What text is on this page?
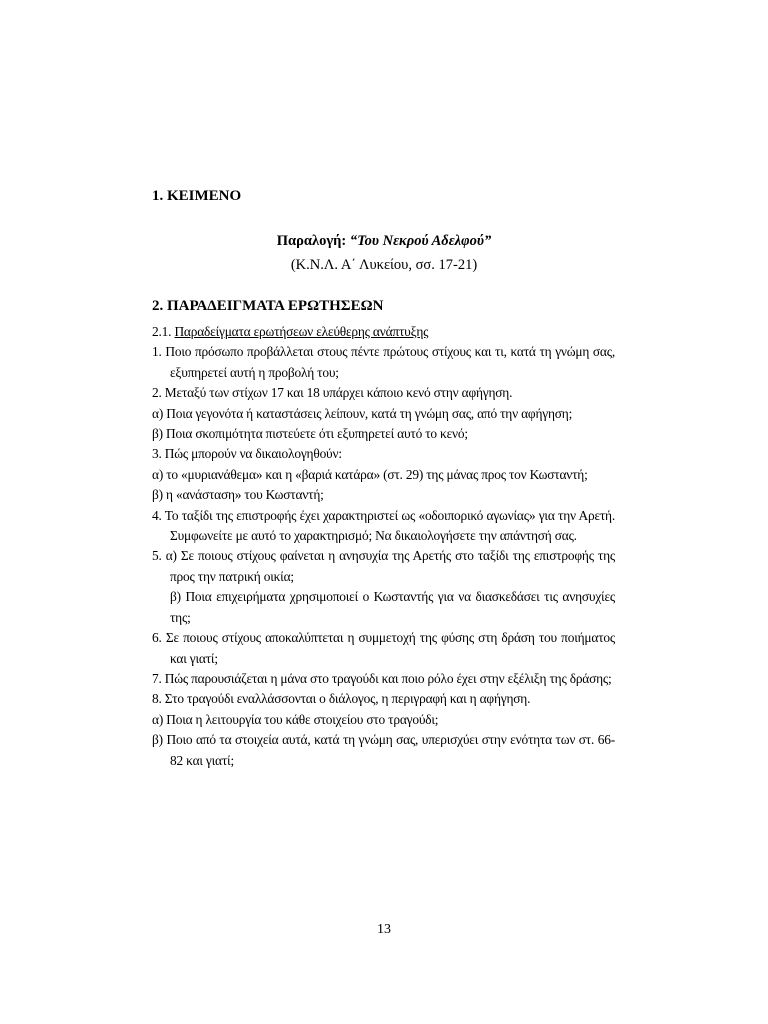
1. ΚΕΙΜΕΝΟ
Παραλογή: “Του Νεκρού Αδελφού”
(Κ.Ν.Λ. Α΄ Λυκείου, σσ. 17-21)
2. ΠΑΡΑΔΕΙΓΜΑΤΑ ΕΡΩΤΗΣΕΩΝ

2.1. Παραδείγματα ερωτήσεων ελεύθερης ανάπτυξης

1. Ποιο πρόσωπο προβάλλεται στους πέντε πρώτους στίχους και τι, κατά τη γνώμη σας, εξυπηρετεί αυτή η προβολή του;

2. Μεταξύ των στίχων 17 και 18 υπάρχει κάποιο κενό στην αφήγηση.

α) Ποια γεγονότα ή καταστάσεις λείπουν, κατά τη γνώμη σας, από την αφήγηση;

β) Ποια σκοπιμότητα πιστεύετε ότι εξυπηρετεί αυτό το κενό;

3. Πώς μπορούν να δικαιολογηθούν:

α) το «μυριανάθεμα» και η «βαριά κατάρα» (στ. 29) της μάνας προς τον Κωσταντή;

β) η «ανάσταση» του Κωσταντή;

4. Το ταξίδι της επιστροφής έχει χαρακτηριστεί ως «οδοιπορικό αγωνίας» για την Αρετή. Συμφωνείτε με αυτό το χαρακτηρισμό; Να δικαιολογήσετε την απάντησή σας.

5. α) Σε ποιους στίχους φαίνεται η ανησυχία της Αρετής στο ταξίδι της επιστροφής της προς την πατρική οικία;

β) Ποια επιχειρήματα χρησιμοποιεί ο Κωσταντής για να διασκεδάσει τις ανησυχίες της;

6. Σε ποιους στίχους αποκαλύπτεται η συμμετοχή της φύσης στη δράση του ποιήματος και γιατί;

7. Πώς παρουσιάζεται η μάνα στο τραγούδι και ποιο ρόλο έχει στην εξέλιξη της δράσης;

8. Στο τραγούδι εναλλάσσονται ο διάλογος, η περιγραφή και η αφήγηση.

α) Ποια η λειτουργία του κάθε στοιχείου στο τραγούδι;

β) Ποιο από τα στοιχεία αυτά, κατά τη γνώμη σας, υπερισχύει στην ενότητα των στ. 66-82 και γιατί;

13
